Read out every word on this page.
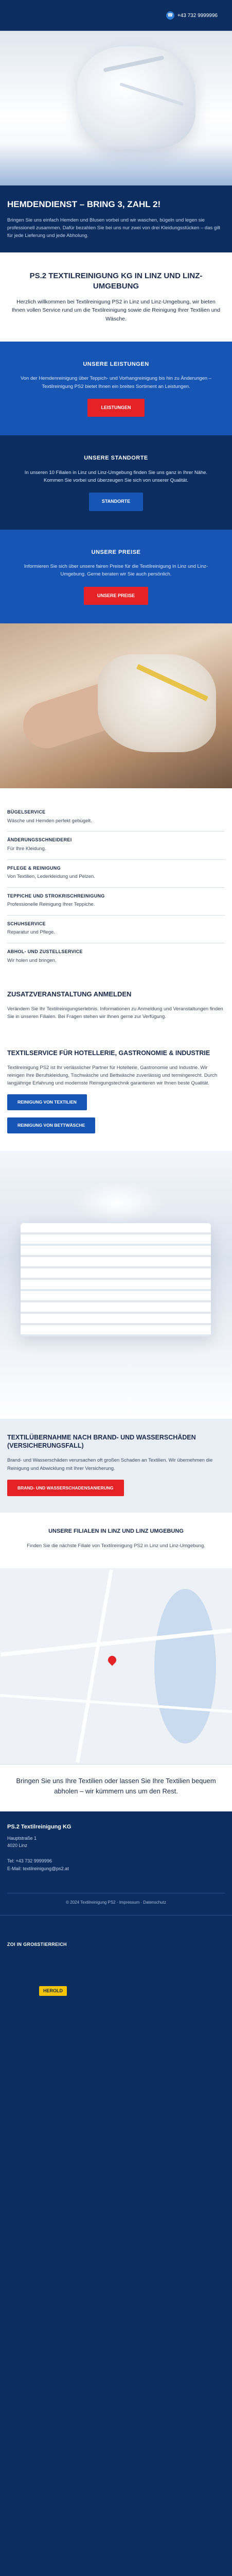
☎ +43 732 9999996
HEMDENDIENST – BRING 3, ZAHL 2!

Bringen Sie uns einfach Hemden und Blusen vorbei und wir waschen, bügeln und legen sie professionell zusammen. Dafür bezahlen Sie bei uns nur zwei von drei Kleidungsstücken – das gilt für jede Lieferung und jede Abholung.

PS.2 TEXTILREINIGUNG KG IN LINZ UND LINZ-UMGEBUNG

Herzlich willkommen bei Textilreinigung PS2 in Linz und Linz-Umgebung, wir bieten Ihnen vollen Service rund um die Textilreinigung sowie die Reinigung Ihrer Textilien und Wäsche.

UNSERE LEISTUNGEN

Von der Hemdenreinigung über Teppich- und Vorhangreinigung bis hin zu Änderungen – Textilreinigung PS2 bietet Ihnen ein breites Sortiment an Leistungen.

LEISTUNGEN
UNSERE STANDORTE

In unseren 10 Filialen in Linz und Linz-Umgebung finden Sie uns ganz in Ihrer Nähe. Kommen Sie vorbei und überzeugen Sie sich von unserer Qualität.

STANDORTE
UNSERE PREISE

Informieren Sie sich über unsere fairen Preise für die Textilreinigung in Linz und Linz-Umgebung. Gerne beraten wir Sie auch persönlich.

UNSERE PREISE
BÜGELSERVICE

Wäsche und Hemden perfekt gebügelt.

ÄNDERUNGSSCHNEIDEREI

Für Ihre Kleidung.

PFLEGE & REINIGUNG

Von Textilien, Lederkleidung und Pelzen.

TEPPICHE UND STROKRISCHREINIGUNG

Professionelle Reinigung Ihrer Teppiche.

SCHUHSERVICE

Reparatur und Pflege.

ABHOL- UND ZUSTELLSERVICE

Wir holen und bringen.

ZUSATZVERANSTALTUNG ANMELDEN

Verändern Sie Ihr Textilreinigungserlebnis. Informationen zu Anmeldung und Veranstaltungen finden Sie in unseren Filialen. Bei Fragen stehen wir Ihnen gerne zur Verfügung.

TEXTILSERVICE FÜR HOTELLERIE, GASTRONOMIE & INDUSTRIE

Textilreinigung PS2 ist Ihr verlässlicher Partner für Hotellerie, Gastronomie und Industrie. Wir reinigen Ihre Berufskleidung, Tischwäsche und Bettwäsche zuverlässig und termingerecht. Durch langjährige Erfahrung und modernste Reinigungstechnik garantieren wir Ihnen beste Qualität.

REINIGUNG VON TEXTILIEN
REINIGUNG VON BETTWÄSCHE
TEXTILÜBERNAHME NACH BRAND- UND WASSERSCHÄDEN (VERSICHERUNGSFALL)

Brand- und Wasserschäden verursachen oft großen Schaden an Textilien. Wir übernehmen die Reinigung und Abwicklung mit Ihrer Versicherung.

BRAND- UND WASSERSCHADENSANIERUNG
UNSERE FILIALEN IN LINZ UND LINZ UMGEBUNG

Finden Sie die nächste Filiale von Textilreinigung PS2 in Linz und Linz-Umgebung.

Bringen Sie uns Ihre Textilien oder lassen Sie Ihre Textilien bequem abholen – wir kümmern uns um den Rest.

PS.2 Textilreinigung KG
Hauptstraße 1
4020 Linz
Tel: +43 732 9999996
E-Mail: textilreinigung@ps2.at
© 2024 Textilreinigung PS2 · Impressum · Datenschutz
ZOI IN GROßSTIERREICH
HEROLD
